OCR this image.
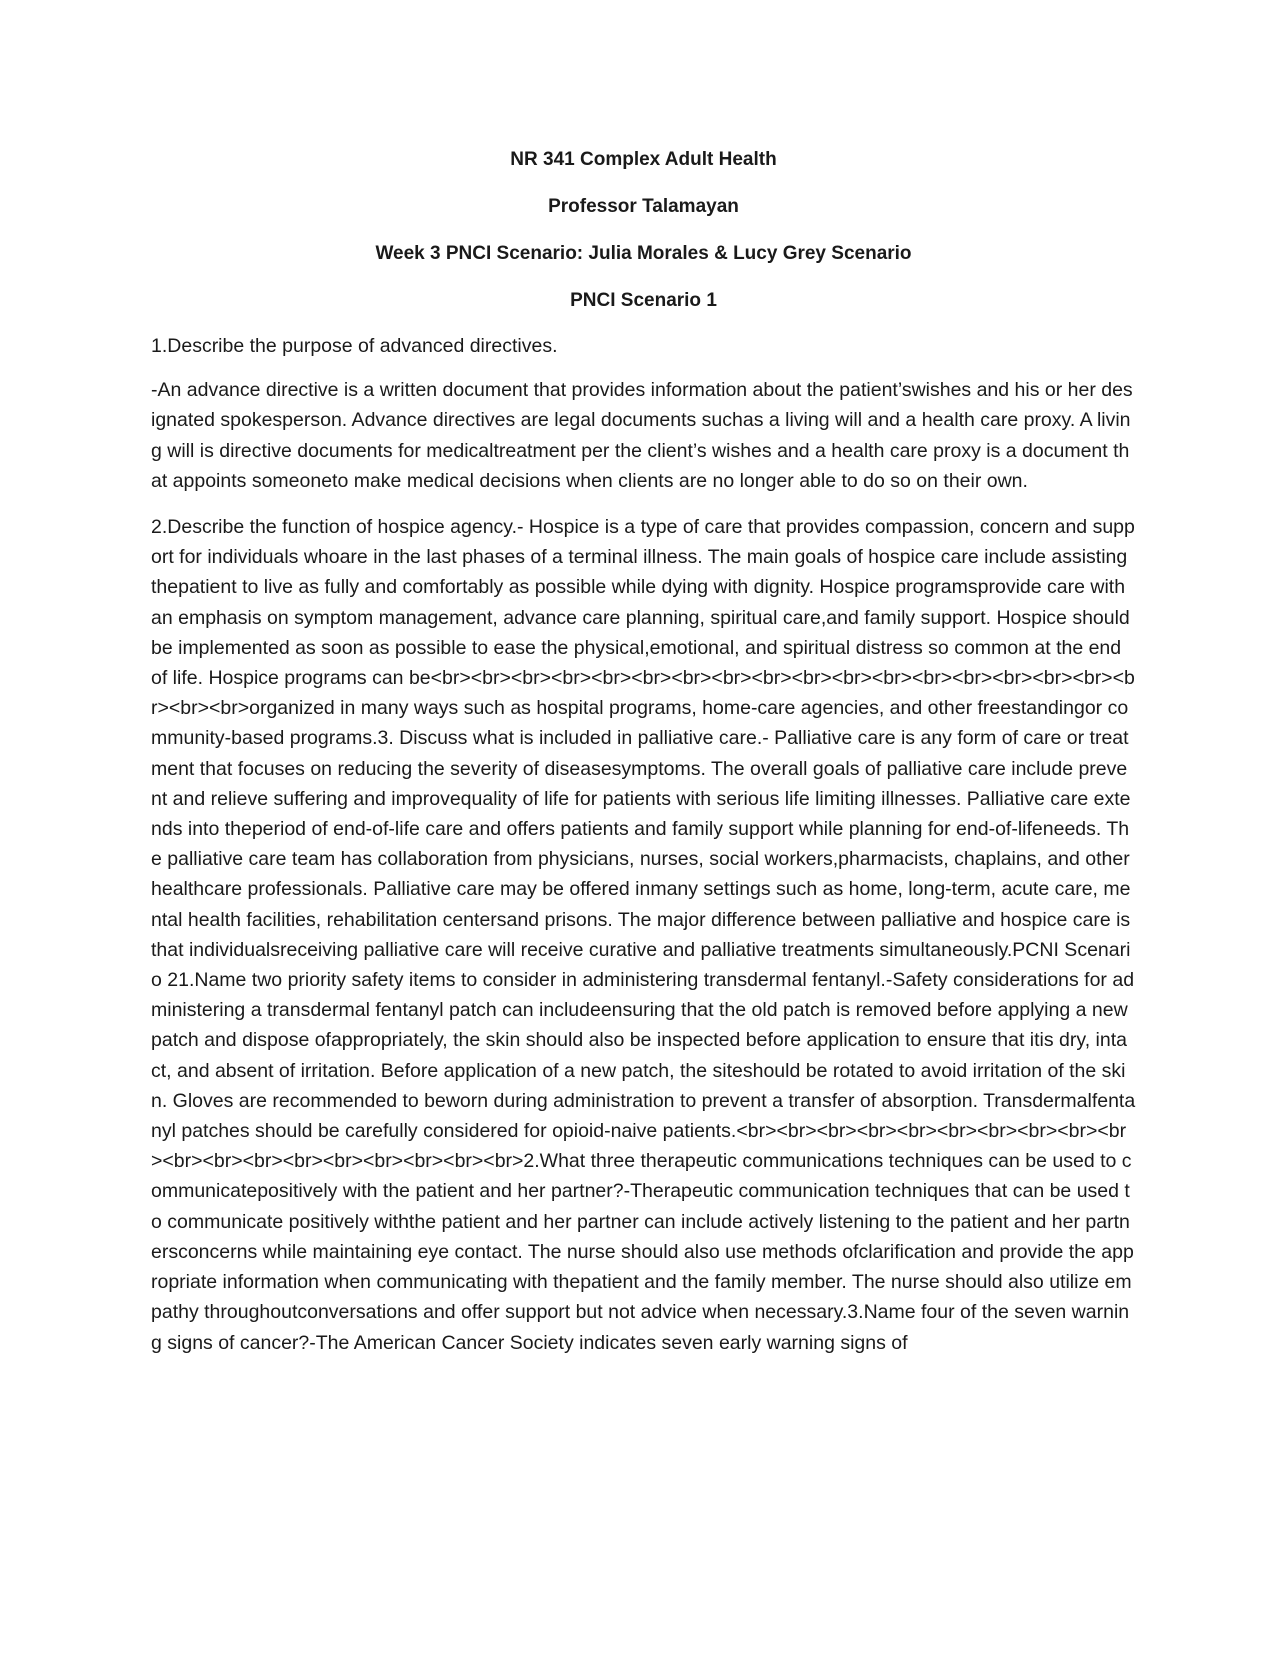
NR 341 Complex Adult Health
Professor Talamayan
Week 3 PNCI Scenario: Julia Morales & Lucy Grey Scenario
PNCI Scenario 1
1.Describe the purpose of advanced directives.
-An advance directive is a written document that provides information about the patient’swishes and his or her designated spokesperson. Advance directives are legal documents suchas a living will and a health care proxy. A living will is directive documents for medicaltreatment per the client’s wishes and a health care proxy is a document that appoints someoneto make medical decisions when clients are no longer able to do so on their own.
2.Describe the function of hospice agency.- Hospice is a type of care that provides compassion, concern and support for individuals whoare in the last phases of a terminal illness. The main goals of hospice care include assisting thepatient to live as fully and comfortably as possible while dying with dignity. Hospice programsprovide care with an emphasis on symptom management, advance care planning, spiritual care,and family support. Hospice should be implemented as soon as possible to ease the physical,emotional, and spiritual distress so common at the end of life. Hospice programs can be<br><br><br><br><br><br><br><br><br><br><br><br><br><br><br><br><br><br><br><br>organized in many ways such as hospital programs, home-care agencies, and other freestandingor community-based programs.3. Discuss what is included in palliative care.- Palliative care is any form of care or treatment that focuses on reducing the severity of diseasesymptoms. The overall goals of palliative care include prevent and relieve suffering and improvequality of life for patients with serious life limiting illnesses. Palliative care extends into theperiod of end-of-life care and offers patients and family support while planning for end-of-lifeneeds. The palliative care team has collaboration from physicians, nurses, social workers,pharmacists, chaplains, and other healthcare professionals. Palliative care may be offered inmany settings such as home, long-term, acute care, mental health facilities, rehabilitation centersand prisons. The major difference between palliative and hospice care is that individualsreceiving palliative care will receive curative and palliative treatments simultaneously.PCNI Scenario 21.Name two priority safety items to consider in administering transdermal fentanyl.-Safety considerations for administering a transdermal fentanyl patch can includeensuring that the old patch is removed before applying a new patch and dispose ofappropriately, the skin should also be inspected before application to ensure that itis dry, intact, and absent of irritation. Before application of a new patch, the siteshould be rotated to avoid irritation of the skin. Gloves are recommended to beworn during administration to prevent a transfer of absorption. Transdermalfentanyl patches should be carefully considered for opioid-naive patients.<br><br><br><br><br><br><br><br><br><br><br><br><br><br><br><br><br><br><br>2.What three therapeutic communications techniques can be used to communicatepositively with the patient and her partner?-Therapeutic communication techniques that can be used to communicate positively withthe patient and her partner can include actively listening to the patient and her partnersconcerns while maintaining eye contact. The nurse should also use methods ofclarification and provide the appropriate information when communicating with thepatient and the family member. The nurse should also utilize empathy throughoutconversations and offer support but not advice when necessary.3.Name four of the seven warning signs of cancer?-The American Cancer Society indicates seven early warning signs of
